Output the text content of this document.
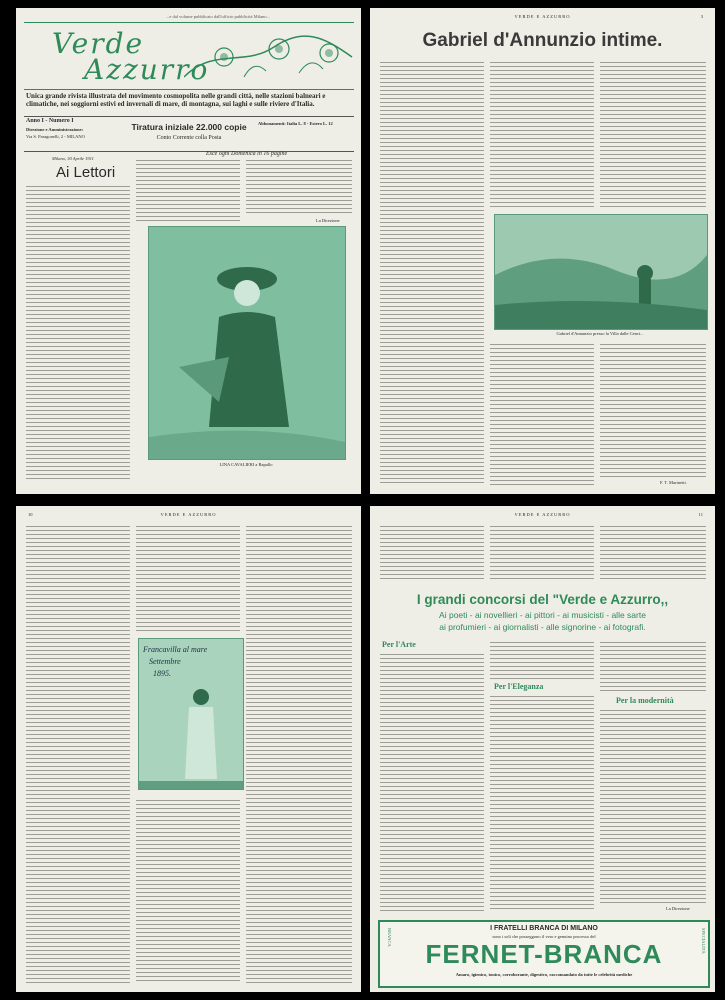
...e dal volume pubblicato dall'ufficio pubblicitá Milano...
Verde
Azzurro
Unica grande rivista illustrata del movimento cosmopolita nelle grandi città, nelle stazioni balneari e climatiche, nei soggiorni estivi ed invernali di mare, di montagna, sui laghi e sulle riviere d'Italia.
Anno I - Numero I
Direzione e Amministrazione:
Via S. Paragonelli, 2 - MILANO
Tiratura iniziale 22.000 copie
Conto Corrente colla Posta
Abbonamenti: Italia L. 8 - Estero L. 12
Esce ogni Domenica in 16 pagine
Milano, 30 Aprile 1911
Ai Lettori
La Direzione
LINA CAVALIERI a Rapallo
VERDE E AZZURRO	3
Gabriel d'Annunzio intime.
Gabriel d'Annunzio presso la Villa dalle Cenci...
F. T. Marinetti.
10	VERDE E AZZURRO
Francavilla al mare
Settembre
1895.
VERDE E AZZURRO	11
I grandi concorsi del "Verde e Azzurro,,
Ai poeti - ai novellieri - ai pittori - ai musicisti - alle sarte
ai profumieri - ai giornalisti - alle signorine - ai fotografi.
Per l'Arte
Per l'Eleganza
Per la modernità
La Direzione
BRANCA	SPECIALITÀ
I FRATELLI BRANCA DI MILANO
sono i soli che posseggono il vero e genuino processo del
FERNET-BRANCA
Amaro, igienico, tonico, corroborante, digestivo, raccomandato da tutte le celebrità mediche
